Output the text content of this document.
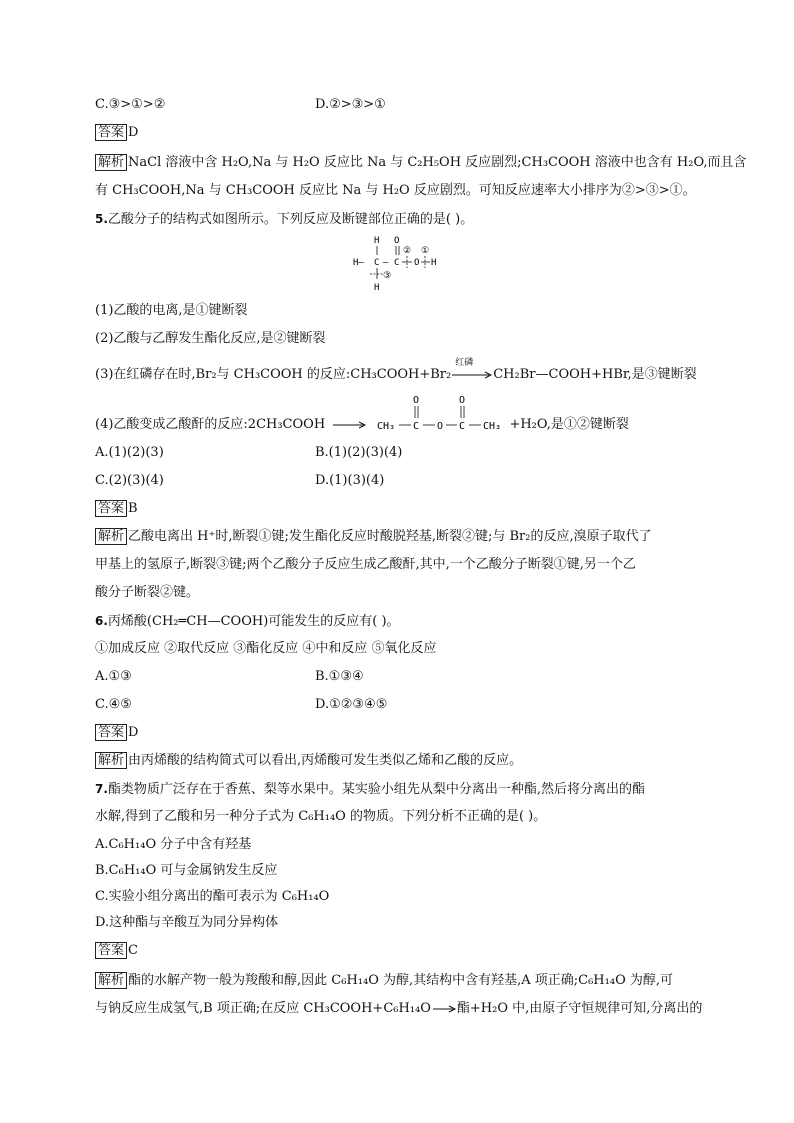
C.③>①>②	D.②>③>①
答案 D
解析 NaCl 溶液中含 H₂O,Na 与 H₂O 反应比 Na 与 C₂H₅OH 反应剧烈;CH₃COOH 溶液中也含有 H₂O,而且含
有 CH₃COOH,Na 与 CH₃COOH 反应比 Na 与 H₂O 反应剧烈。可知反应速率大小排序为②>③>①。
5.乙酸分子的结构式如图所示。下列反应及断键部位正确的是( )。
H O
② ①
H— C — C O H
③
H
(1)乙酸的电离,是①键断裂
(2)乙酸与乙醇发生酯化反应,是②键断裂
(3)在红磷存在时,Br₂与 CH₃COOH 的反应:CH₃COOH+Br₂
红磷
CH₂Br—COOH+HBr,是③键断裂
(4)乙酸变成乙酸酐的反应:2CH₃COOH	CH₃ C
O
O C
O
CH₃ +H₂O,是①②键断裂
A.(1)(2)(3)	B.(1)(2)(3)(4)
C.(2)(3)(4)	D.(1)(3)(4)
答案 B
解析 乙酸电离出 H⁺时,断裂①键;发生酯化反应时酸脱羟基,断裂②键;与 Br₂的反应,溴原子取代了
甲基上的氢原子,断裂③键;两个乙酸分子反应生成乙酸酐,其中,一个乙酸分子断裂①键,另一个乙
酸分子断裂②键。
6.丙烯酸(CH₂═CH—COOH)可能发生的反应有( )。
①加成反应 ②取代反应 ③酯化反应 ④中和反应 ⑤氧化反应
A.①③	B.①③④
C.④⑤	D.①②③④⑤
答案 D
解析 由丙烯酸的结构简式可以看出,丙烯酸可发生类似乙烯和乙酸的反应。
7.酯类物质广泛存在于香蕉、梨等水果中。某实验小组先从梨中分离出一种酯,然后将分离出的酯
水解,得到了乙酸和另一种分子式为 C₆H₁₄O 的物质。下列分析不正确的是( )。
A.C₆H₁₄O 分子中含有羟基
B.C₆H₁₄O 可与金属钠发生反应
C.实验小组分离出的酯可表示为 C₆H₁₄O
D.这种酯与辛酸互为同分异构体
答案 C
解析 酯的水解产物一般为羧酸和醇,因此 C₆H₁₄O 为醇,其结构中含有羟基,A 项正确;C₆H₁₄O 为醇,可
与钠反应生成氢气,B 项正确;在反应 CH₃COOH+C₆H₁₄O 酯+H₂O 中,由原子守恒规律可知,分离出的
